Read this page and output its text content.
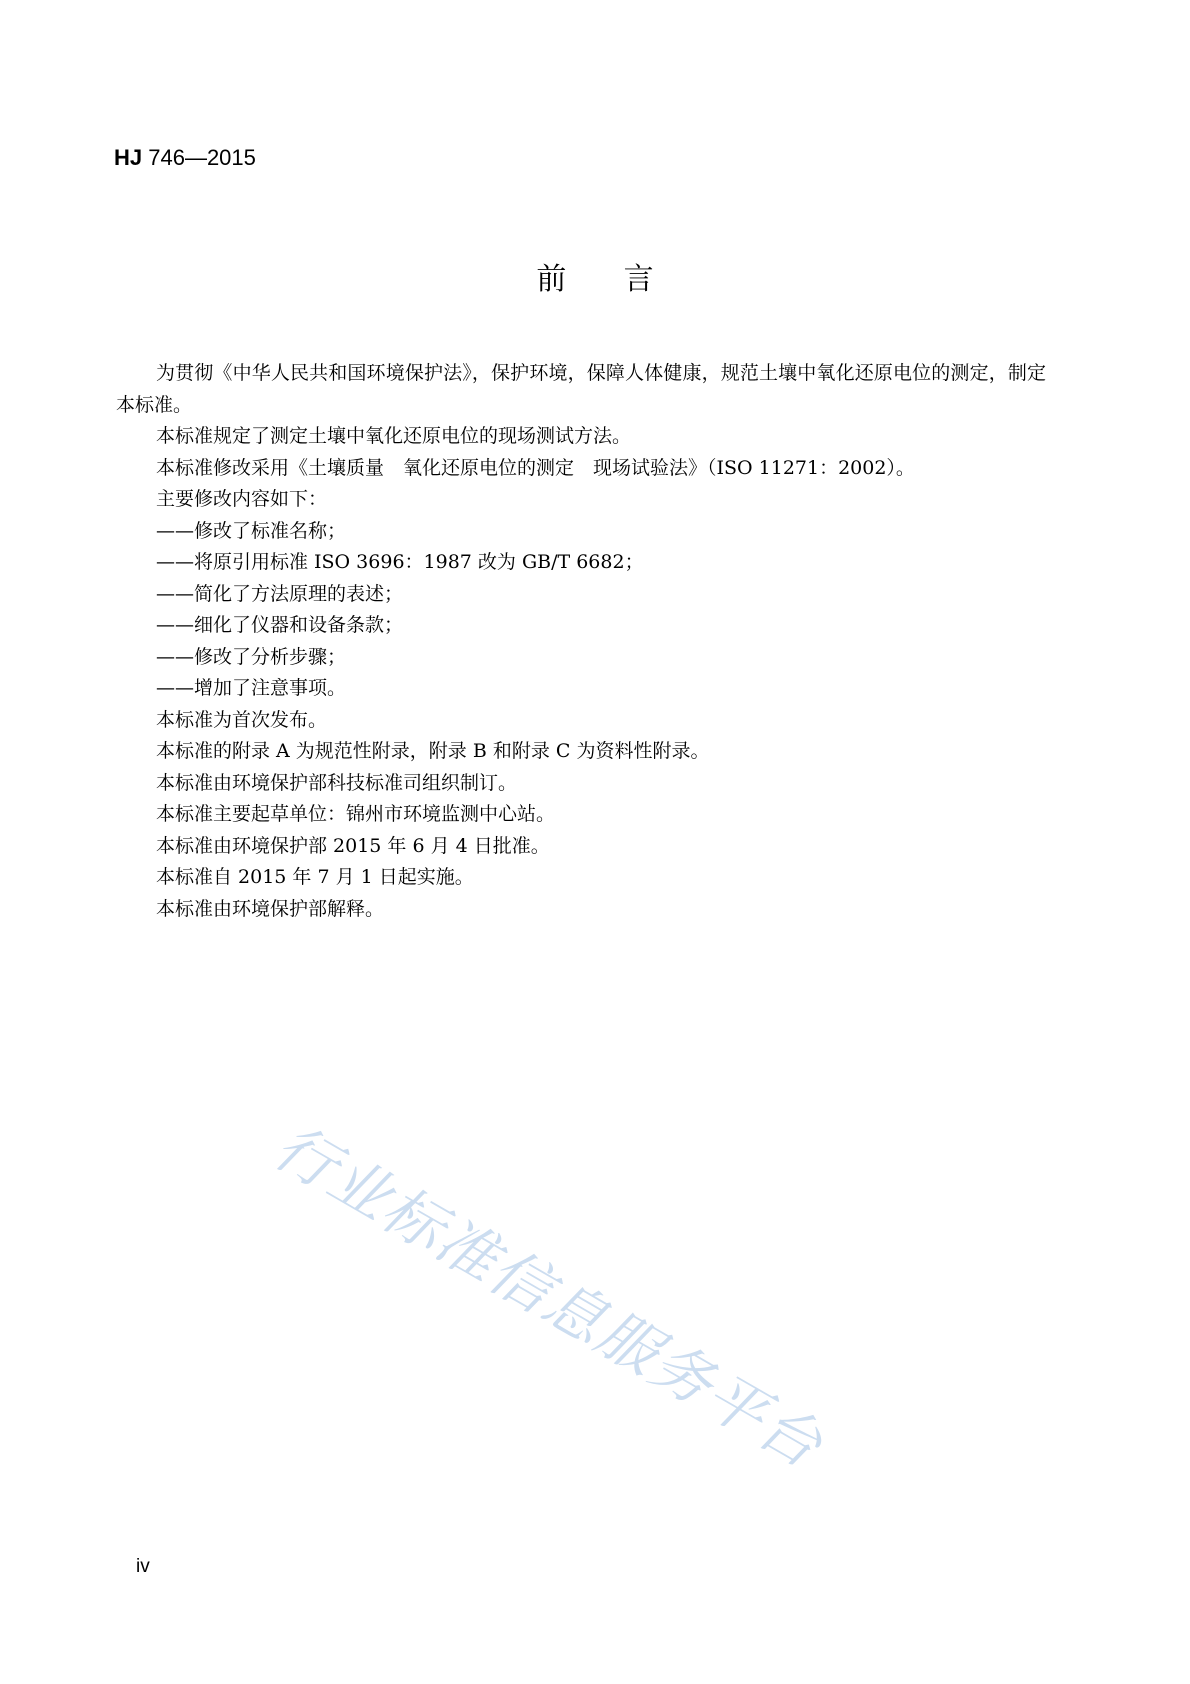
HJ 746—2015
前      言

为贯彻《中华人民共和国环境保护法》，保护环境，保障人体健康，规范土壤中氧化还原电位的测定，制定本标准。

本标准规定了测定土壤中氧化还原电位的现场测试方法。

本标准修改采用《土壤质量　氧化还原电位的测定　现场试验法》（ISO 11271：2002）。

主要修改内容如下：

——修改了标准名称；

——将原引用标准 ISO 3696：1987 改为 GB/T 6682；

——简化了方法原理的表述；

——细化了仪器和设备条款；

——修改了分析步骤；

——增加了注意事项。

本标准为首次发布。

本标准的附录 A 为规范性附录，附录 B 和附录 C 为资料性附录。

本标准由环境保护部科技标准司组织制订。

本标准主要起草单位：锦州市环境监测中心站。

本标准由环境保护部 2015 年 6 月 4 日批准。

本标准自 2015 年 7 月 1 日起实施。

本标准由环境保护部解释。

行业标准信息服务平台
iv
